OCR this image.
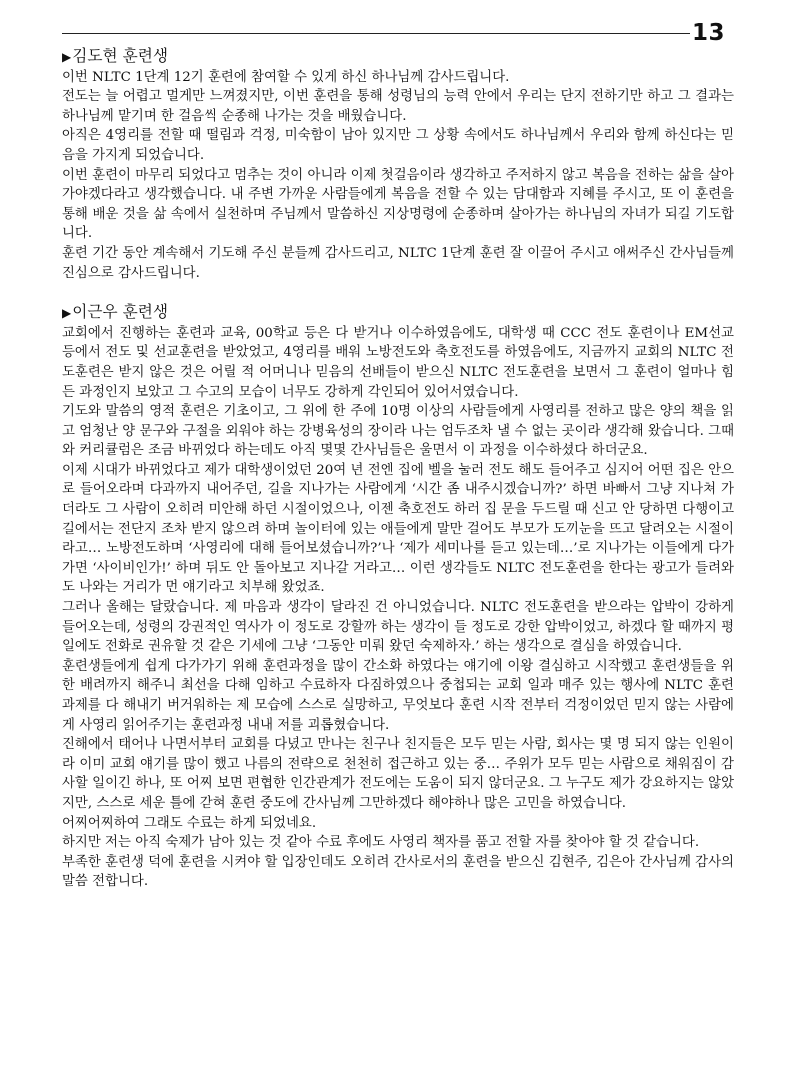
13
▶김도현 훈련생

이번 NLTC 1단계 12기 훈련에 참여할 수 있게 하신 하나님께 감사드립니다.

전도는 늘 어렵고 멀게만 느껴졌지만, 이번 훈련을 통해 성령님의 능력 안에서 우리는 단지 전하기만 하고 그 결과는 하나님께 맡기며 한 걸음씩 순종해 나가는 것을 배웠습니다.

아직은 4영리를 전할 때 떨림과 걱정, 미숙함이 남아 있지만 그 상황 속에서도 하나님께서 우리와 함께 하신다는 믿음을 가지게 되었습니다.

이번 훈련이 마무리 되었다고 멈추는 것이 아니라 이제 첫걸음이라 생각하고 주저하지 않고 복음을 전하는 삶을 살아가야겠다라고 생각했습니다. 내 주변 가까운 사람들에게 복음을 전할 수 있는 담대함과 지혜를 주시고, 또 이 훈련을 통해 배운 것을 삶 속에서 실천하며 주님께서 말씀하신 지상명령에 순종하며 살아가는 하나님의 자녀가 되길 기도합니다.

훈련 기간 동안 계속해서 기도해 주신 분들께 감사드리고, NLTC 1단계 훈련 잘 이끌어 주시고 애써주신 간사님들께 진심으로 감사드립니다.

▶이근우 훈련생

교회에서 진행하는 훈련과 교육, 00학교 등은 다 받거나 이수하였음에도, 대학생 때 CCC 전도 훈련이나 EM선교 등에서 전도 및 선교훈련을 받았었고, 4영리를 배워 노방전도와 축호전도를 하였음에도, 지금까지 교회의 NLTC 전도훈련은 받지 않은 것은 어릴 적 어머니나 믿음의 선배들이 받으신 NLTC 전도훈련을 보면서 그 훈련이 얼마나 힘든 과정인지 보았고 그 수고의 모습이 너무도 강하게 각인되어 있어서였습니다.

기도와 말씀의 영적 훈련은 기초이고, 그 위에 한 주에 10명 이상의 사람들에게 사영리를 전하고 많은 양의 책을 읽고 엄청난 양 문구와 구절을 외워야 하는 강병육성의 장이라 나는 엄두조차 낼 수 없는 곳이라 생각해 왔습니다. 그때와 커리큘럼은 조금 바뀌었다 하는데도 아직 몇몇 간사님들은 울면서 이 과정을 이수하셨다 하더군요.

이제 시대가 바뀌었다고 제가 대학생이었던 20여 년 전엔 집에 벨을 눌러 전도 해도 들어주고 심지어 어떤 집은 안으로 들어오라며 다과까지 내어주던, 길을 지나가는 사람에게 ‘시간 좀 내주시겠습니까?’ 하면 바빠서 그냥 지나쳐 가더라도 그 사람이 오히려 미안해 하던 시절이었으나, 이젠 축호전도 하러 집 문을 두드릴 때 신고 안 당하면 다행이고 길에서는 전단지 조차 받지 않으려 하며 놀이터에 있는 애들에게 말만 걸어도 부모가 도끼눈을 뜨고 달려오는 시절이라고… 노방전도하며 ‘사영리에 대해 들어보셨습니까?’나 ‘제가 세미나를 듣고 있는데…’로 지나가는 이들에게 다가가면 ‘사이비인가!’ 하며 뒤도 안 돌아보고 지나갈 거라고… 이런 생각들도 NLTC 전도훈련을 한다는 광고가 들려와도 나와는 거리가 먼 얘기라고 치부해 왔었죠.

그러나 올해는 달랐습니다. 제 마음과 생각이 달라진 건 아니었습니다. NLTC 전도훈련을 받으라는 압박이 강하게 들어오는데, 성령의 강권적인 역사가 이 정도로 강할까 하는 생각이 들 정도로 강한 압박이었고, 하겠다 할 때까지 평일에도 전화로 권유할 것 같은 기세에 그냥 ‘그동안 미뤄 왔던 숙제하자.’ 하는 생각으로 결심을 하였습니다.

훈련생들에게 쉽게 다가가기 위해 훈련과정을 많이 간소화 하였다는 얘기에 이왕 결심하고 시작했고 훈련생들을 위한 배려까지 해주니 최선을 다해 임하고 수료하자 다짐하였으나 중첩되는 교회 일과 매주 있는 행사에 NLTC 훈련 과제를 다 해내기 버거워하는 제 모습에 스스로 실망하고, 무엇보다 훈련 시작 전부터 걱정이었던 믿지 않는 사람에게 사영리 읽어주기는 훈련과정 내내 저를 괴롭혔습니다.

진해에서 태어나 나면서부터 교회를 다녔고 만나는 친구나 친지들은 모두 믿는 사람, 회사는 몇 명 되지 않는 인원이라 이미 교회 얘기를 많이 했고 나름의 전략으로 천천히 접근하고 있는 중… 주위가 모두 믿는 사람으로 채워짐이 감사할 일이긴 하나, 또 어찌 보면 편협한 인간관계가 전도에는 도움이 되지 않더군요. 그 누구도 제가 강요하지는 않았지만, 스스로 세운 틀에 갇혀 훈련 중도에 간사님께 그만하겠다 해야하나 많은 고민을 하였습니다.

어찌어찌하여 그래도 수료는 하게 되었네요.

하지만 저는 아직 숙제가 남아 있는 것 같아 수료 후에도 사영리 책자를 품고 전할 자를 찾아야 할 것 같습니다.

부족한 훈련생 덕에 훈련을 시켜야 할 입장인데도 오히려 간사로서의 훈련을 받으신 김현주, 김은아 간사님께 감사의 말씀 전합니다.
